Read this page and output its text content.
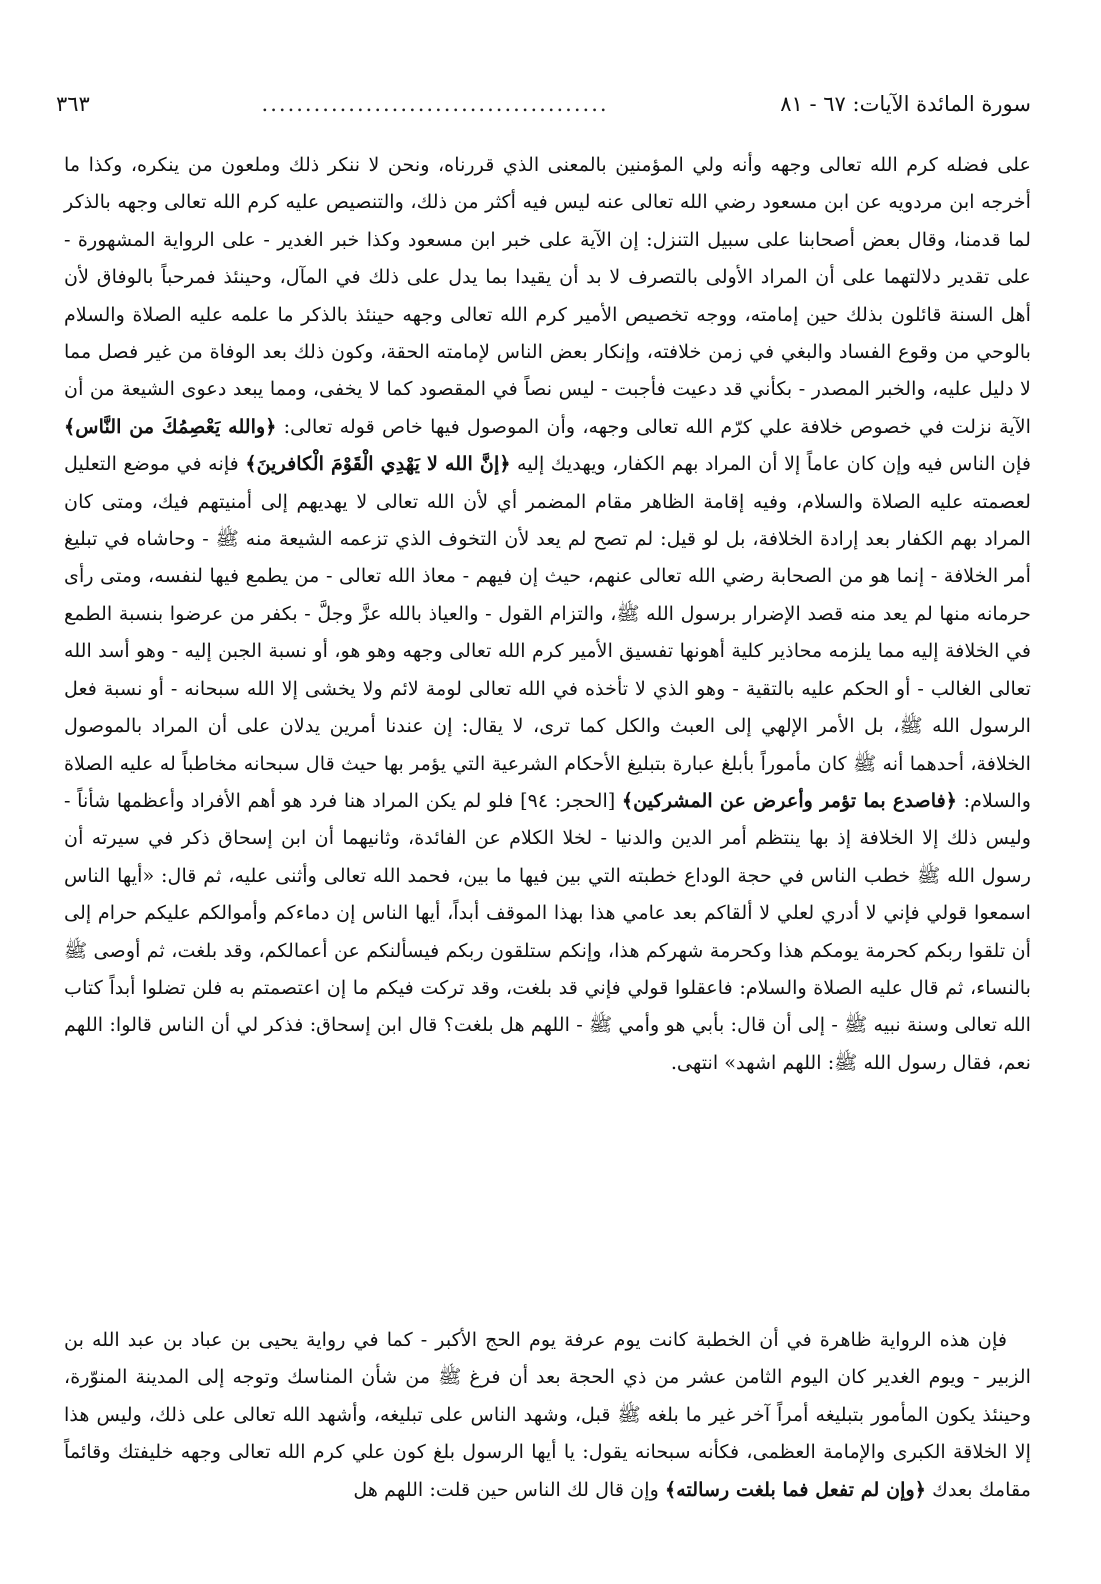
سورة المائدة الآيات: ٦٧ - ٨١
........................................
٣٦٣

على فضله كرم الله تعالى وجهه وأنه ولي المؤمنين بالمعنى الذي قررناه، ونحن لا ننكر ذلك وملعون من ينكره، وكذا ما أخرجه ابن مردويه عن ابن مسعود رضي الله تعالى عنه ليس فيه أكثر من ذلك، والتنصيص عليه كرم الله تعالى وجهه بالذكر لما قدمنا، وقال بعض أصحابنا على سبيل التنزل: إن الآية على خبر ابن مسعود وكذا خبر الغدير - على الرواية المشهورة - على تقدير دلالتهما على أن المراد الأولى بالتصرف لا بد أن يقيدا بما يدل على ذلك في المآل، وحينئذ فمرحباً بالوفاق لأن أهل السنة قائلون بذلك حين إمامته، ووجه تخصيص الأمير كرم الله تعالى وجهه حينئذ بالذكر ما علمه عليه الصلاة والسلام بالوحي من وقوع الفساد والبغي في زمن خلافته، وإنكار بعض الناس لإمامته الحقة، وكون ذلك بعد الوفاة من غير فصل مما لا دليل عليه، والخبر المصدر - بكأني قد دعيت فأجبت - ليس نصاً في المقصود كما لا يخفى، ومما يبعد دعوى الشيعة من أن الآية نزلت في خصوص خلافة علي كرّم الله تعالى وجهه، وأن الموصول فيها خاص قوله تعالى: ﴿والله يَعْصِمُكَ من النَّاس﴾ فإن الناس فيه وإن كان عاماً إلا أن المراد بهم الكفار، ويهديك إليه ﴿إنَّ الله لا يَهْدِي الْقَوْمَ الْكافرينَ﴾ فإنه في موضع التعليل لعصمته عليه الصلاة والسلام، وفيه إقامة الظاهر مقام المضمر أي لأن الله تعالى لا يهديهم إلى أمنيتهم فيك، ومتى كان المراد بهم الكفار بعد إرادة الخلافة، بل لو قيل: لم تصح لم يعد لأن التخوف الذي تزعمه الشيعة منه ﷺ - وحاشاه في تبليغ أمر الخلافة - إنما هو من الصحابة رضي الله تعالى عنهم، حيث إن فيهم - معاذ الله تعالى - من يطمع فيها لنفسه، ومتى رأى حرمانه منها لم يعد منه قصد الإضرار برسول الله ﷺ، والتزام القول - والعياذ بالله عزَّ وجلَّ - بكفر من عرضوا بنسبة الطمع في الخلافة إليه مما يلزمه محاذير كلية أهونها تفسيق الأمير كرم الله تعالى وجهه وهو هو، أو نسبة الجبن إليه - وهو أسد الله تعالى الغالب - أو الحكم عليه بالتقية - وهو الذي لا تأخذه في الله تعالى لومة لائم ولا يخشى إلا الله سبحانه - أو نسبة فعل الرسول الله ﷺ، بل الأمر الإلهي إلى العبث والكل كما ترى، لا يقال: إن عندنا أمرين يدلان على أن المراد بالموصول الخلافة، أحدهما أنه ﷺ كان مأموراً بأبلغ عبارة بتبليغ الأحكام الشرعية التي يؤمر بها حيث قال سبحانه مخاطباً له عليه الصلاة والسلام: ﴿فاصدع بما تؤمر وأعرض عن المشركين﴾ [الحجر: ٩٤] فلو لم يكن المراد هنا فرد هو أهم الأفراد وأعظمها شأناً - وليس ذلك إلا الخلافة إذ بها ينتظم أمر الدين والدنيا - لخلا الكلام عن الفائدة، وثانيهما أن ابن إسحاق ذكر في سيرته أن رسول الله ﷺ خطب الناس في حجة الوداع خطبته التي بين فيها ما بين، فحمد الله تعالى وأثنى عليه، ثم قال: «أيها الناس اسمعوا قولي فإني لا أدري لعلي لا ألقاكم بعد عامي هذا بهذا الموقف أبداً، أيها الناس إن دماءكم وأموالكم عليكم حرام إلى أن تلقوا ربكم كحرمة يومكم هذا وكحرمة شهركم هذا، وإنكم ستلقون ربكم فيسألنكم عن أعمالكم، وقد بلغت، ثم أوصى ﷺ بالنساء، ثم قال عليه الصلاة والسلام: فاعقلوا قولي فإني قد بلغت، وقد تركت فيكم ما إن اعتصمتم به فلن تضلوا أبداً كتاب الله تعالى وسنة نبيه ﷺ - إلى أن قال: بأبي هو وأمي ﷺ - اللهم هل بلغت؟ قال ابن إسحاق: فذكر لي أن الناس قالوا: اللهم نعم، فقال رسول الله ﷺ: اللهم اشهد» انتهى.

فإن هذه الرواية ظاهرة في أن الخطبة كانت يوم عرفة يوم الحج الأكبر - كما في رواية يحيى بن عباد بن عبد الله بن الزبير - ويوم الغدير كان اليوم الثامن عشر من ذي الحجة بعد أن فرغ ﷺ من شأن المناسك وتوجه إلى المدينة المنوّرة، وحينئذ يكون المأمور بتبليغه أمراً آخر غير ما بلغه ﷺ قبل، وشهد الناس على تبليغه، وأشهد الله تعالى على ذلك، وليس هذا إلا الخلاقة الكبرى والإمامة العظمى، فكأنه سبحانه يقول: يا أيها الرسول بلغ كون علي كرم الله تعالى وجهه خليفتك وقائماً مقامك بعدك ﴿وإن لم تفعل فما بلغت رسالته﴾ وإن قال لك الناس حين قلت: اللهم هل
